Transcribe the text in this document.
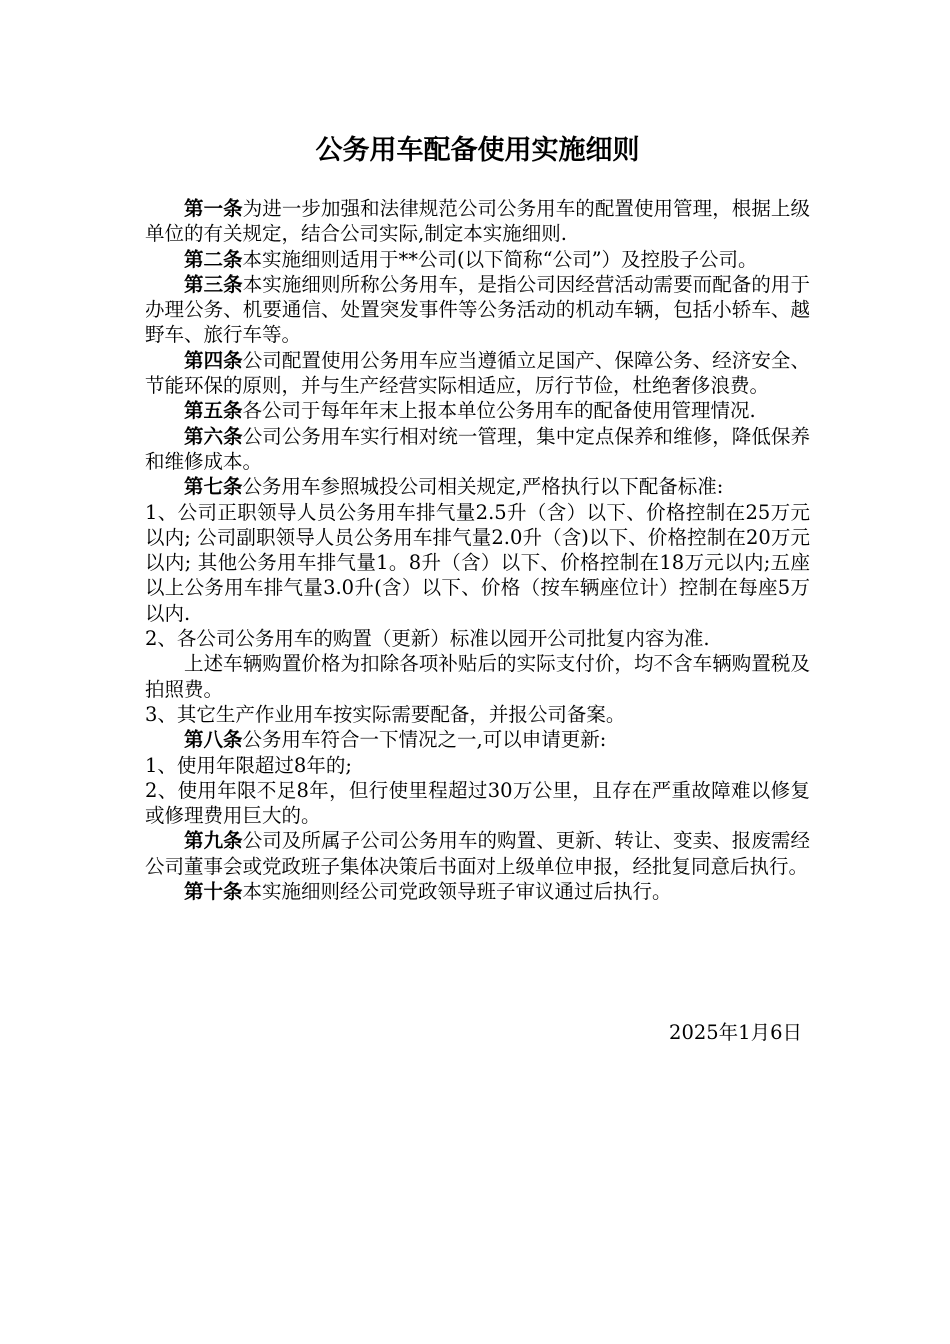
公务用车配备使用实施细则

第一条为进一步加强和法律规范公司公务用车的配置使用管理，根据上级单位的有关规定，结合公司实际,制定本实施细则.

第二条本实施细则适用于**公司(以下简称“公司”）及控股子公司。

第三条本实施细则所称公务用车，是指公司因经营活动需要而配备的用于办理公务、机要通信、处置突发事件等公务活动的机动车辆，包括小轿车、越野车、旅行车等。

第四条公司配置使用公务用车应当遵循立足国产、保障公务、经济安全、节能环保的原则，并与生产经营实际相适应，厉行节俭，杜绝奢侈浪费。

第五条各公司于每年年末上报本单位公务用车的配备使用管理情况.

第六条公司公务用车实行相对统一管理，集中定点保养和维修，降低保养和维修成本。

第七条公务用车参照城投公司相关规定,严格执行以下配备标准:

1、公司正职领导人员公务用车排气量2.5升（含）以下、价格控制在25万元以内; 公司副职领导人员公务用车排气量2.0升（含)以下、价格控制在20万元以内; 其他公务用车排气量1。8升（含）以下、价格控制在18万元以内;五座以上公务用车排气量3.0升(含）以下、价格（按车辆座位计）控制在每座5万以内.

2、各公司公务用车的购置（更新）标准以园开公司批复内容为准.

上述车辆购置价格为扣除各项补贴后的实际支付价，均不含车辆购置税及拍照费。

3、其它生产作业用车按实际需要配备，并报公司备案。

第八条公务用车符合一下情况之一,可以申请更新:

1、使用年限超过8年的;

2、使用年限不足8年，但行使里程超过30万公里，且存在严重故障难以修复或修理费用巨大的。

第九条公司及所属子公司公务用车的购置、更新、转让、变卖、报废需经公司董事会或党政班子集体决策后书面对上级单位申报，经批复同意后执行。

第十条本实施细则经公司党政领导班子审议通过后执行。

2025年1月6日
